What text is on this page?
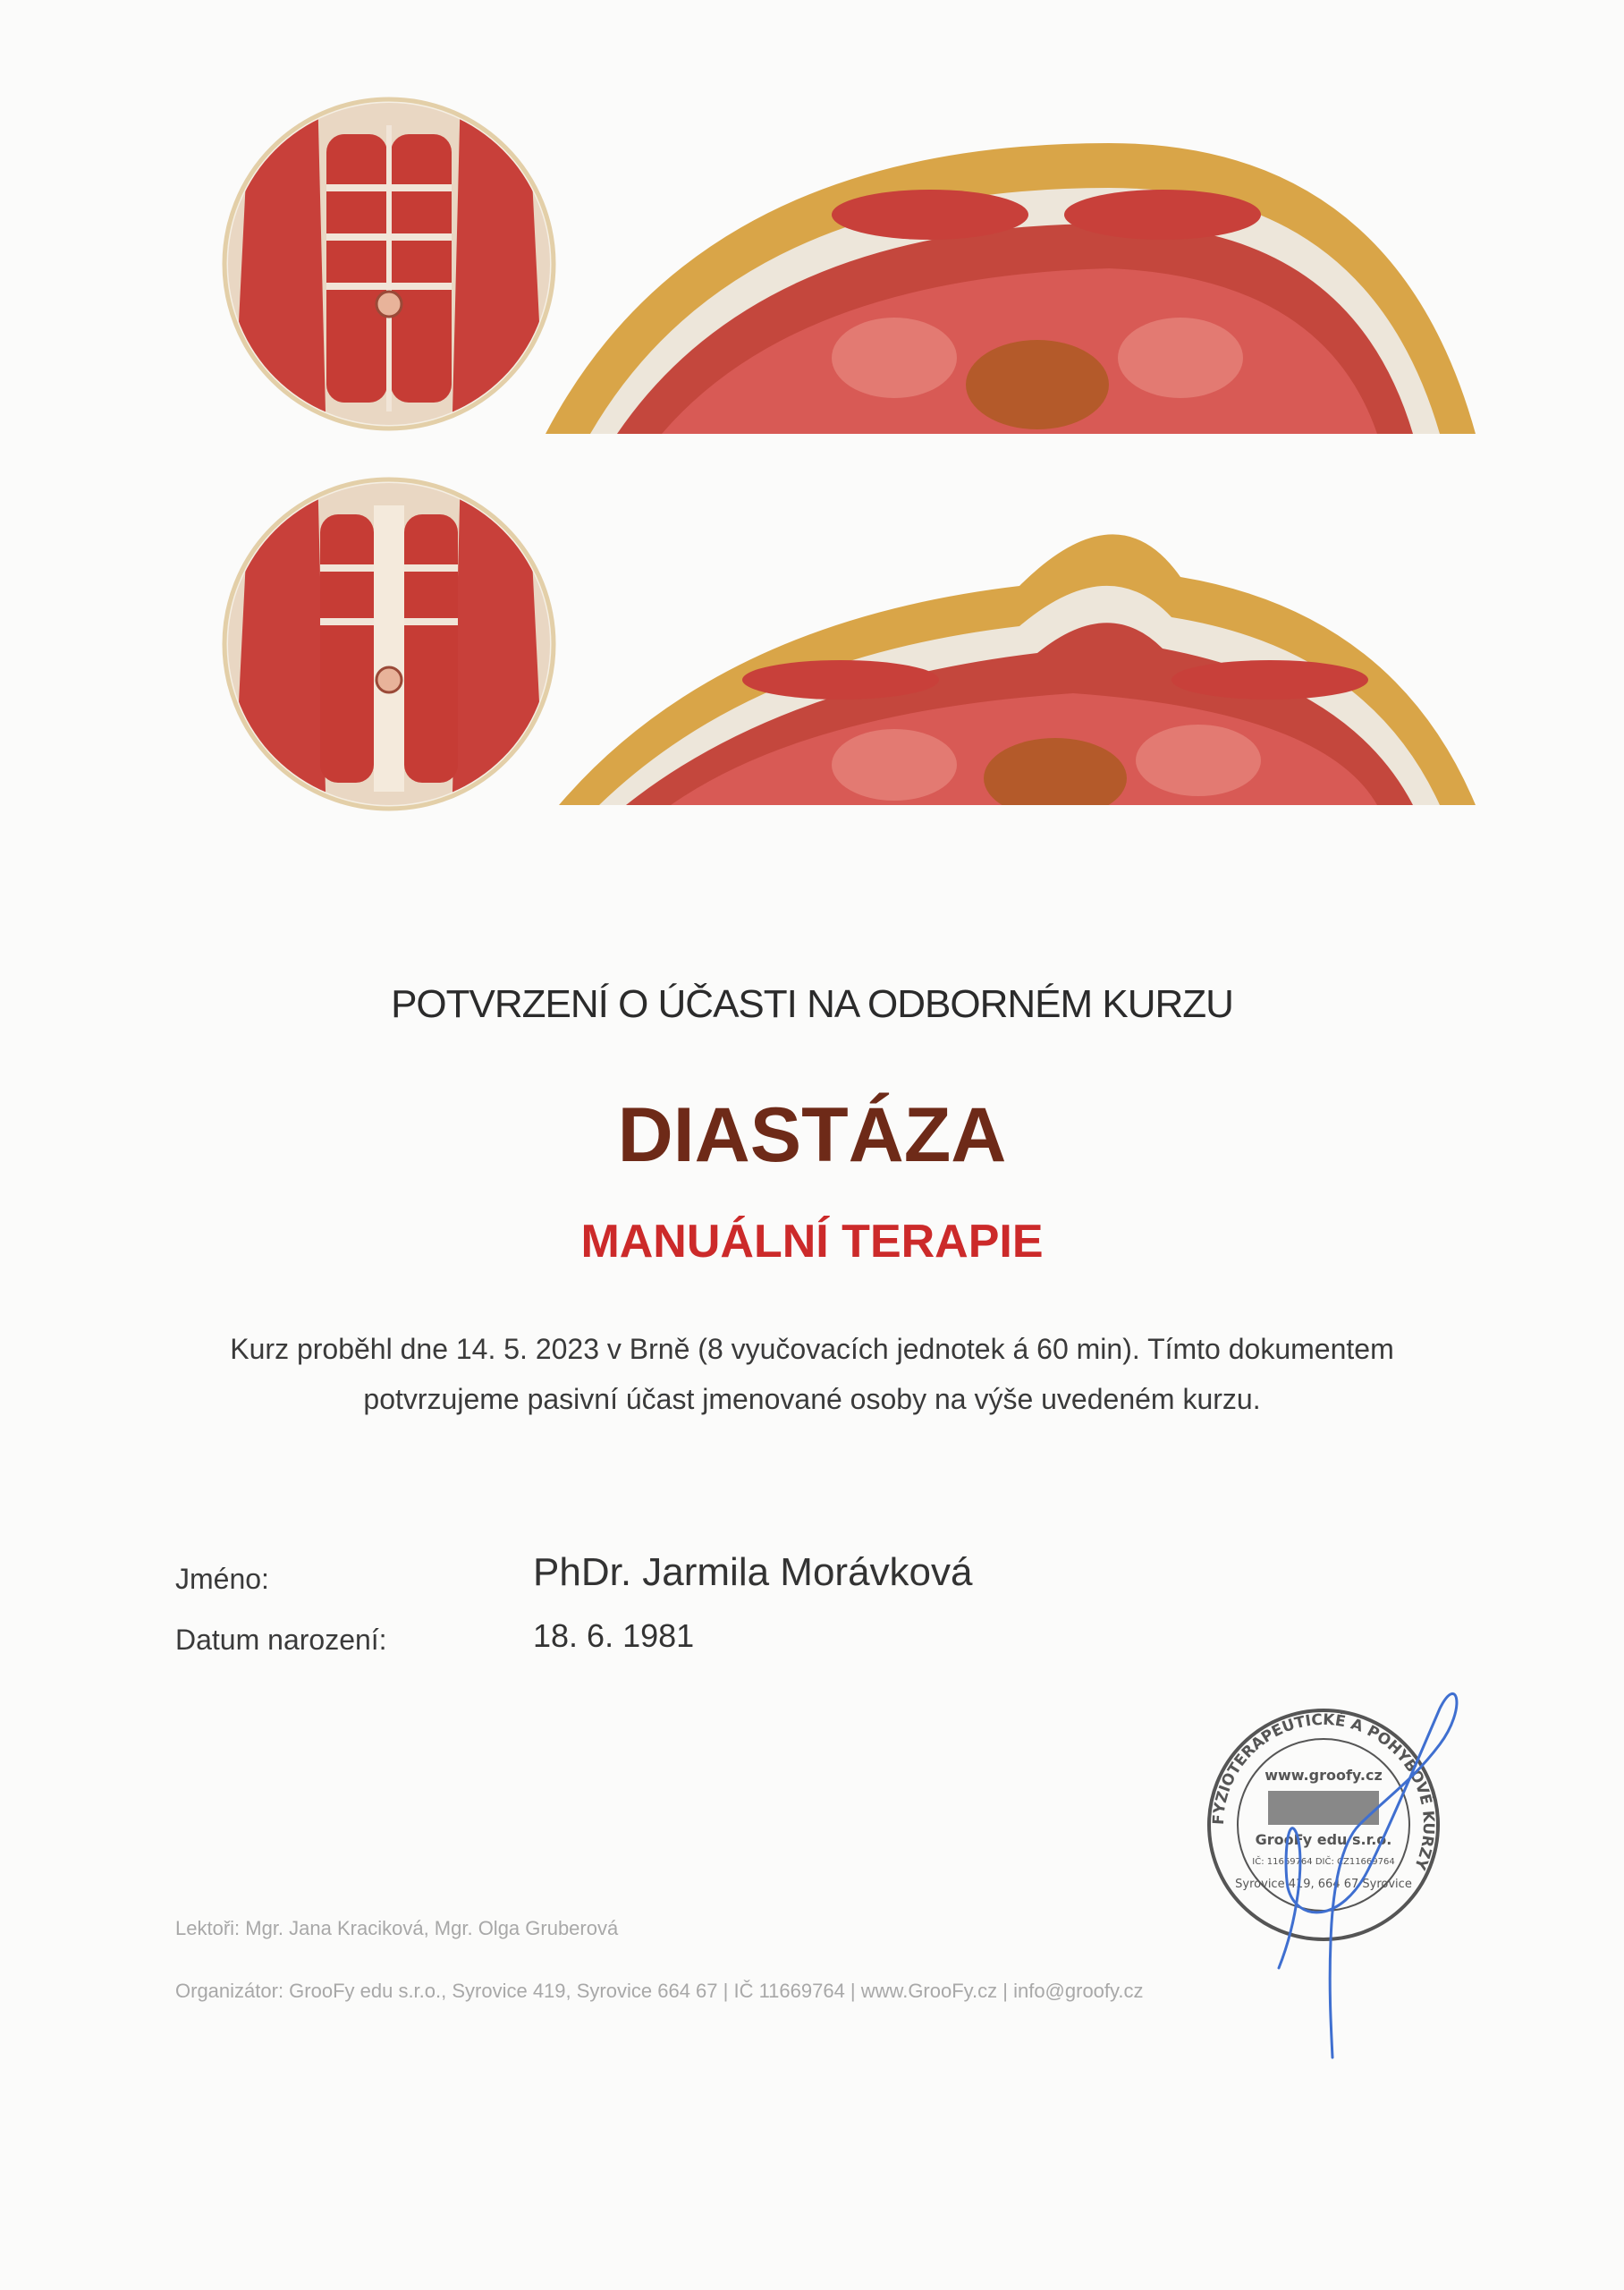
POTVRZENÍ O ÚČASTI NA ODBORNÉM KURZU
DIASTÁZA
MANUÁLNÍ TERAPIE
Kurz proběhl dne 14. 5. 2023 v Brně (8 vyučovacích jednotek á 60 min). Tímto dokumentem
potvrzujeme pasivní účast jmenované osoby na výše uvedeném kurzu.
Jméno:	PhDr. Jarmila Morávková
Datum narození:	18. 6. 1981
Lektoři: Mgr. Jana Kraciková, Mgr. Olga Gruberová
Organizátor: GrooFy edu s.r.o., Syrovice 419, Syrovice 664 67 | IČ 11669764 | www.GrooFy.cz | info@groofy.cz
FYZIOTERAPEUTICKÉ A POHYBOVÉ KURZY
www.groofy.cz
GrooFy edu s.r.o.
IČ: 11669764 DIČ: CZ11669764
Syrovice 419, 664 67 Syrovice
